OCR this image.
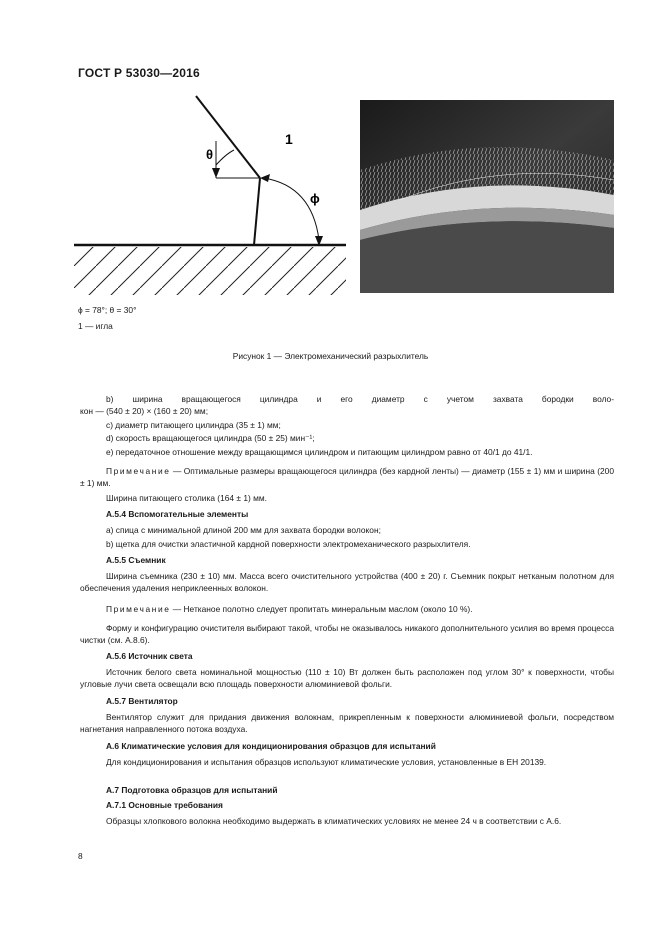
ГОСТ Р 53030—2016
θ
ϕ
1
ϕ = 78°; θ = 30°
1 — игла
Рисунок 1 — Электромеханический разрыхлитель
b) ширина вращающегося цилиндра и его диаметр с учетом захвата бородки воло-
кон — (540 ± 20) × (160 ± 20) мм;
c) диаметр питающего цилиндра (35 ± 1) мм;
d) скорость вращающегося цилиндра (50 ± 25) мин⁻¹;
e) передаточное отношение между вращающимся цилиндром и питающим цилиндром равно от 40/1 до 41/1.
Примечание — Оптимальные размеры вращающегося цилиндра (без кардной ленты) — диаметр (155 ± 1) мм и ширина (200 ± 1) мм.
Ширина питающего столика (164 ± 1) мм.
А.5.4 Вспомогательные элементы
a) спица с минимальной длиной 200 мм для захвата бородки волокон;
b) щетка для очистки эластичной кардной поверхности электромеханического разрыхлителя.
А.5.5 Съемник
Ширина съемника (230 ± 10) мм. Масса всего очистительного устройства (400 ± 20) г. Съемник покрыт нетканым полотном для обеспечения удаления неприклеенных волокон.
Примечание — Нетканое полотно следует пропитать минеральным маслом (около 10 %).
Форму и конфигурацию очистителя выбирают такой, чтобы не оказывалось никакого дополнительного усилия во время процесса чистки (см. А.8.6).
А.5.6 Источник света
Источник белого света номинальной мощностью (110 ± 10) Вт должен быть расположен под углом 30° к поверхности, чтобы угловые лучи света освещали всю площадь поверхности алюминиевой фольги.
А.5.7 Вентилятор
Вентилятор служит для придания движения волокнам, прикрепленным к поверхности алюминиевой фольги, посредством нагнетания направленного потока воздуха.
А.6 Климатические условия для кондиционирования образцов для испытаний
Для кондиционирования и испытания образцов используют климатические условия, установленные в ЕН 20139.
А.7 Подготовка образцов для испытаний
А.7.1 Основные требования
Образцы хлопкового волокна необходимо выдержать в климатических условиях не менее 24 ч в соответствии с А.6.
8
